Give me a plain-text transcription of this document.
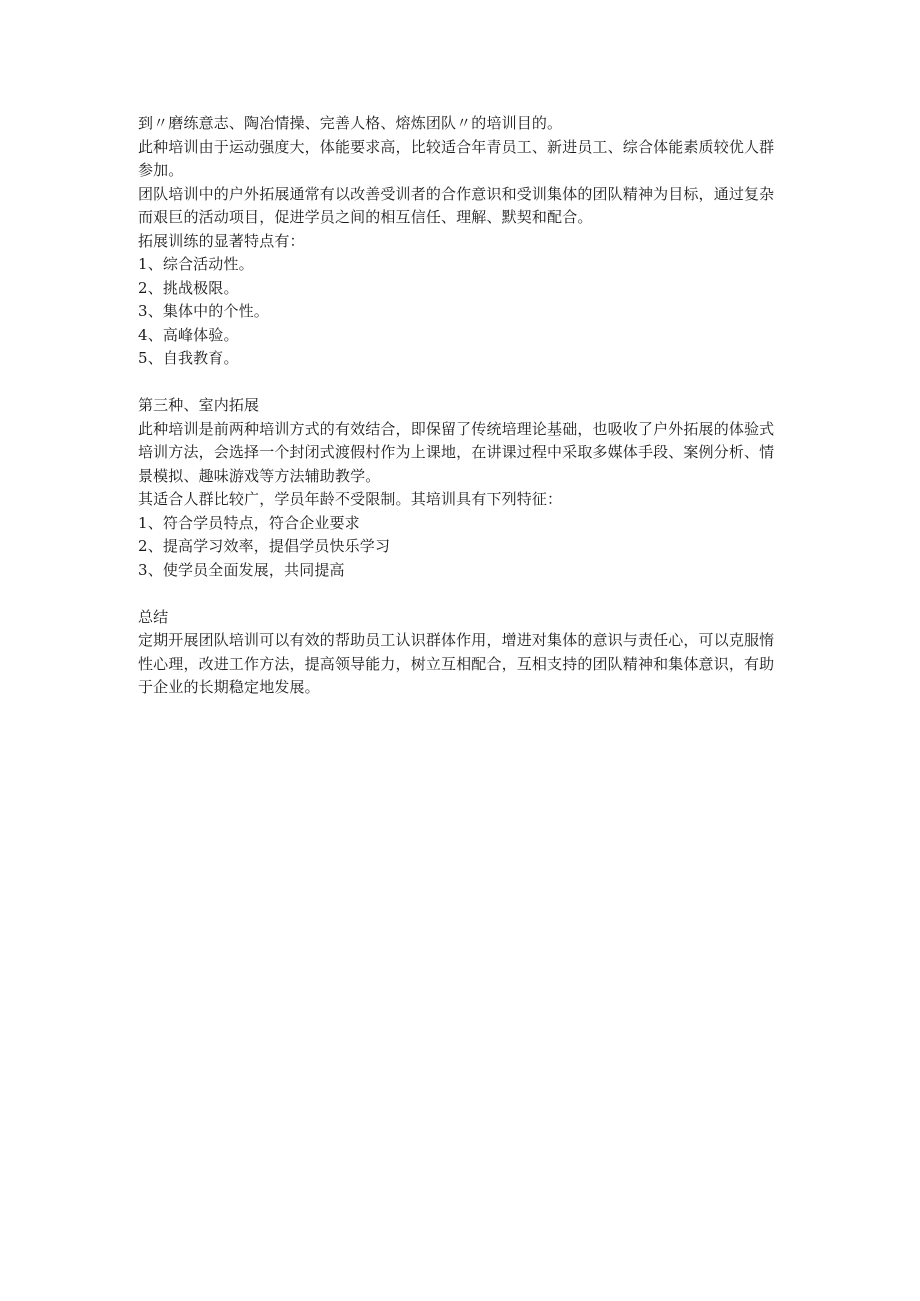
到〃磨练意志、陶冶情操、完善人格、熔炼团队〃的培训目的。
此种培训由于运动强度大，体能要求高，比较适合年青员工、新进员工、综合体能素质较优人群
参加。
团队培训中的户外拓展通常有以改善受训者的合作意识和受训集体的团队精神为目标，通过复杂
而艰巨的活动项目，促进学员之间的相互信任、理解、默契和配合。
拓展训练的显著特点有：
1、综合活动性。
2、挑战极限。
3、集体中的个性。
4、高峰体验。
5、自我教育。
第三种、室内拓展
此种培训是前两种培训方式的有效结合，即保留了传统培理论基础，也吸收了户外拓展的体验式
培训方法，会选择一个封闭式渡假村作为上课地，在讲课过程中采取多媒体手段、案例分析、情
景模拟、趣味游戏等方法辅助教学。
其适合人群比较广，学员年龄不受限制。其培训具有下列特征：
1、符合学员特点，符合企业要求
2、提高学习效率，提倡学员快乐学习
3、使学员全面发展，共同提高
总结
定期开展团队培训可以有效的帮助员工认识群体作用，增进对集体的意识与责任心，可以克服惰
性心理，改进工作方法，提高领导能力，树立互相配合，互相支持的团队精神和集体意识，有助
于企业的长期稳定地发展。
